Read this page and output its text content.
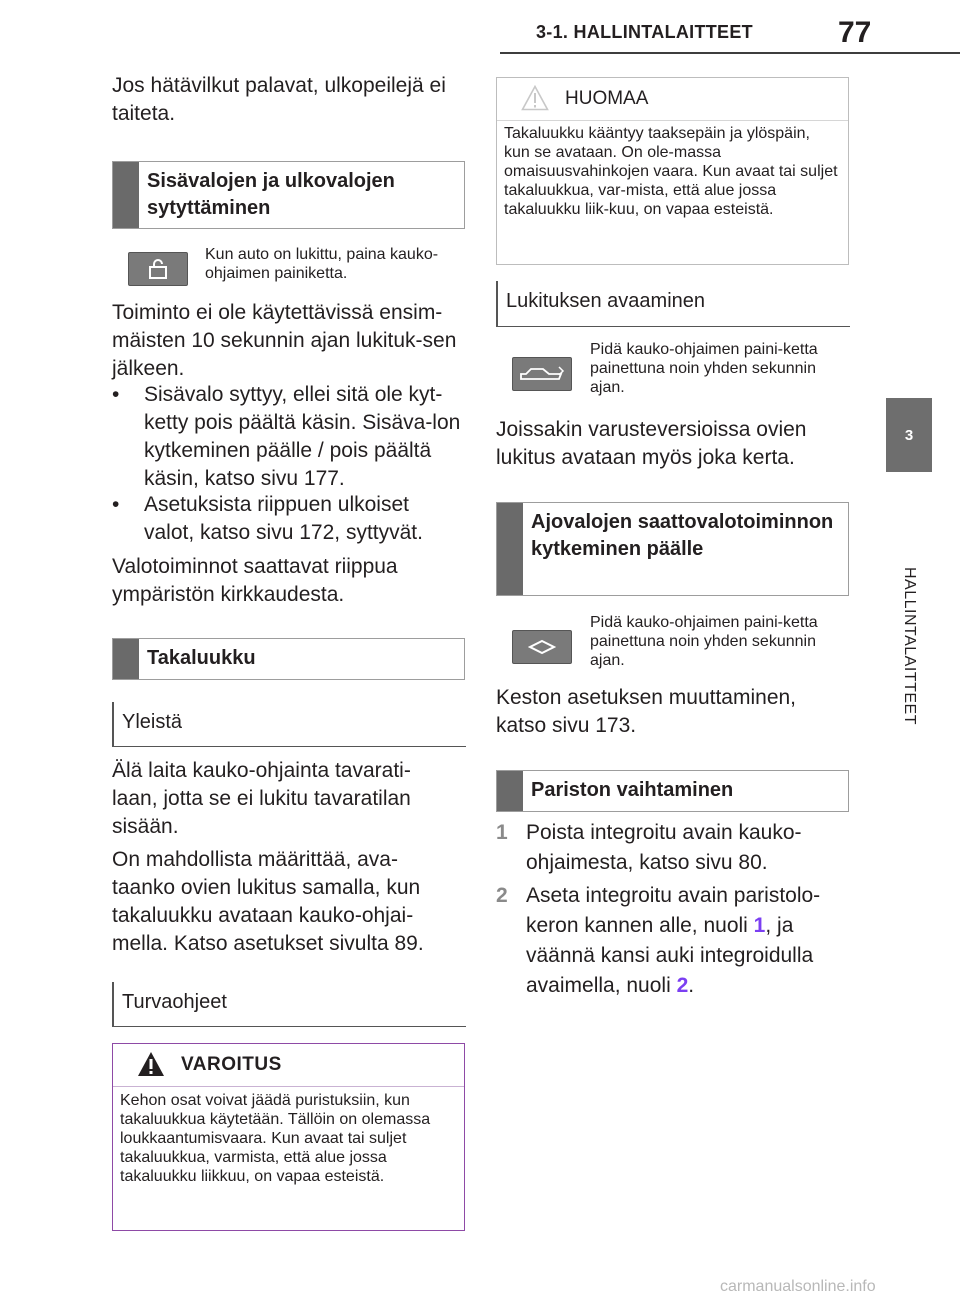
3-1. HALLINTALAITTEET	77
3
HALLINTALAITTEET

Jos hätävilkut palavat, ulkopeilejä ei taiteta.

Sisävalojen ja ulkovalojen sytyttäminen
Kun auto on lukittu, paina kauko-ohjaimen painiketta.

Toiminto ei ole käytettävissä ensim-mäisten 10 sekunnin ajan lukituk-sen jälkeen.

•	Sisävalo syttyy, ellei sitä ole kyt-ketty pois päältä käsin. Sisäva-lon kytkeminen päälle / pois päältä käsin, katso sivu 177.
•	Asetuksista riippuen ulkoiset valot, katso sivu 172, syttyvät.

Valotoiminnot saattavat riippua ympäristön kirkkaudesta.

Takaluukku
Yleistä

Älä laita kauko-ohjainta tavarati-laan, jotta se ei lukitu tavaratilan sisään.

On mahdollista määrittää, ava-taanko ovien lukitus samalla, kun takaluukku avataan kauko-ohjai-mella. Katso asetukset sivulta 89.

Turvaohjeet
VAROITUS
Kehon osat voivat jäädä puristuksiin, kun takaluukkua käytetään. Tällöin on olemassa loukkaantumisvaara. Kun avaat tai suljet takaluukkua, varmista, että alue jossa takaluukku liikkuu, on vapaa esteistä.
HUOMAA
Takaluukku kääntyy taaksepäin ja ylöspäin, kun se avataan. On ole-massa omaisuusvahinkojen vaara. Kun avaat tai suljet takaluukkua, var-mista, että alue jossa takaluukku liik-kuu, on vapaa esteistä.
Lukituksen avaaminen
Pidä kauko-ohjaimen paini-ketta painettuna noin yhden sekunnin ajan.

Joissakin varusteversioissa ovien lukitus avataan myös joka kerta.

Ajovalojen saattovalotoiminnon kytkeminen päälle
Pidä kauko-ohjaimen paini-ketta painettuna noin yhden sekunnin ajan.

Keston asetuksen muuttaminen, katso sivu 173.

Pariston vaihtaminen
1 Poista integroitu avain kauko-ohjaimesta, katso sivu 80.
2 Aseta integroitu avain paristolo-keron kannen alle, nuoli 1, ja väännä kansi auki integroidulla avaimella, nuoli 2.
carmanualsonline.info
